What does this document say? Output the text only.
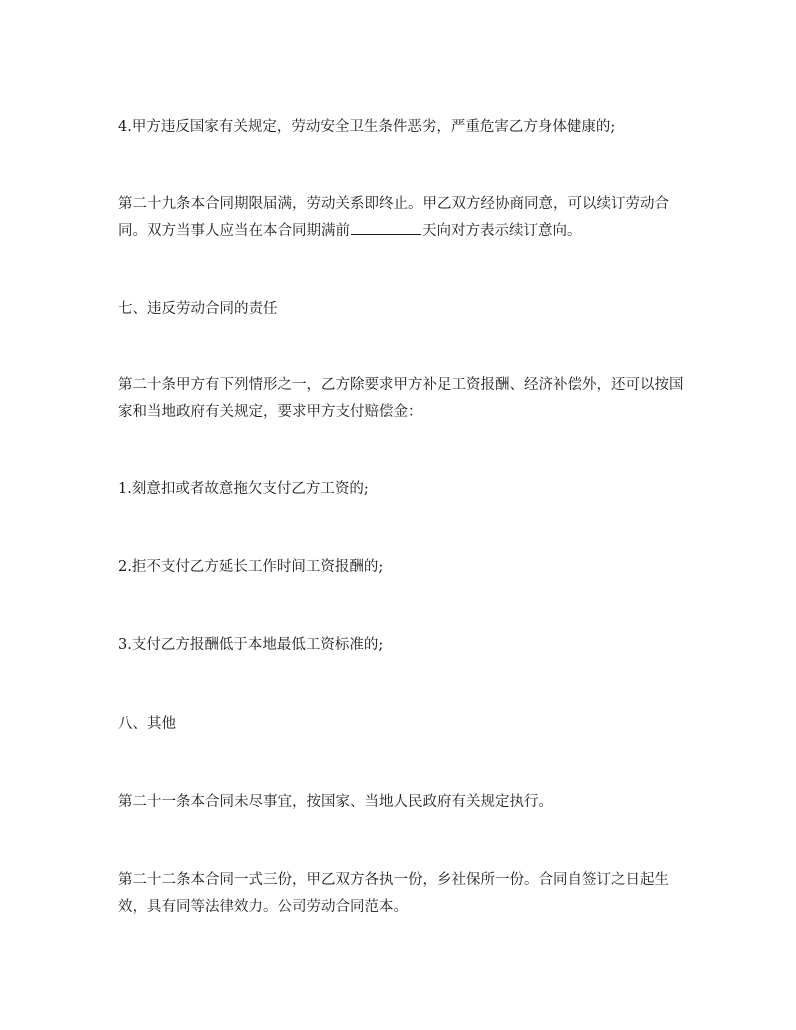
4.甲方违反国家有关规定，劳动安全卫生条件恶劣，严重危害乙方身体健康的;

第二十九条本合同期限届满，劳动关系即终止。甲乙双方经协商同意，可以续订劳动合同。双方当事人应当在本合同期满前	天向对方表示续订意向。

七、违反劳动合同的责任

第二十条甲方有下列情形之一，乙方除要求甲方补足工资报酬、经济补偿外，还可以按国家和当地政府有关规定，要求甲方支付赔偿金：

1.刻意扣或者故意拖欠支付乙方工资的;

2.拒不支付乙方延长工作时间工资报酬的;

3.支付乙方报酬低于本地最低工资标准的;

八、其他

第二十一条本合同未尽事宜，按国家、当地人民政府有关规定执行。

第二十二条本合同一式三份，甲乙双方各执一份，乡社保所一份。合同自签订之日起生效，具有同等法律效力。公司劳动合同范本。
